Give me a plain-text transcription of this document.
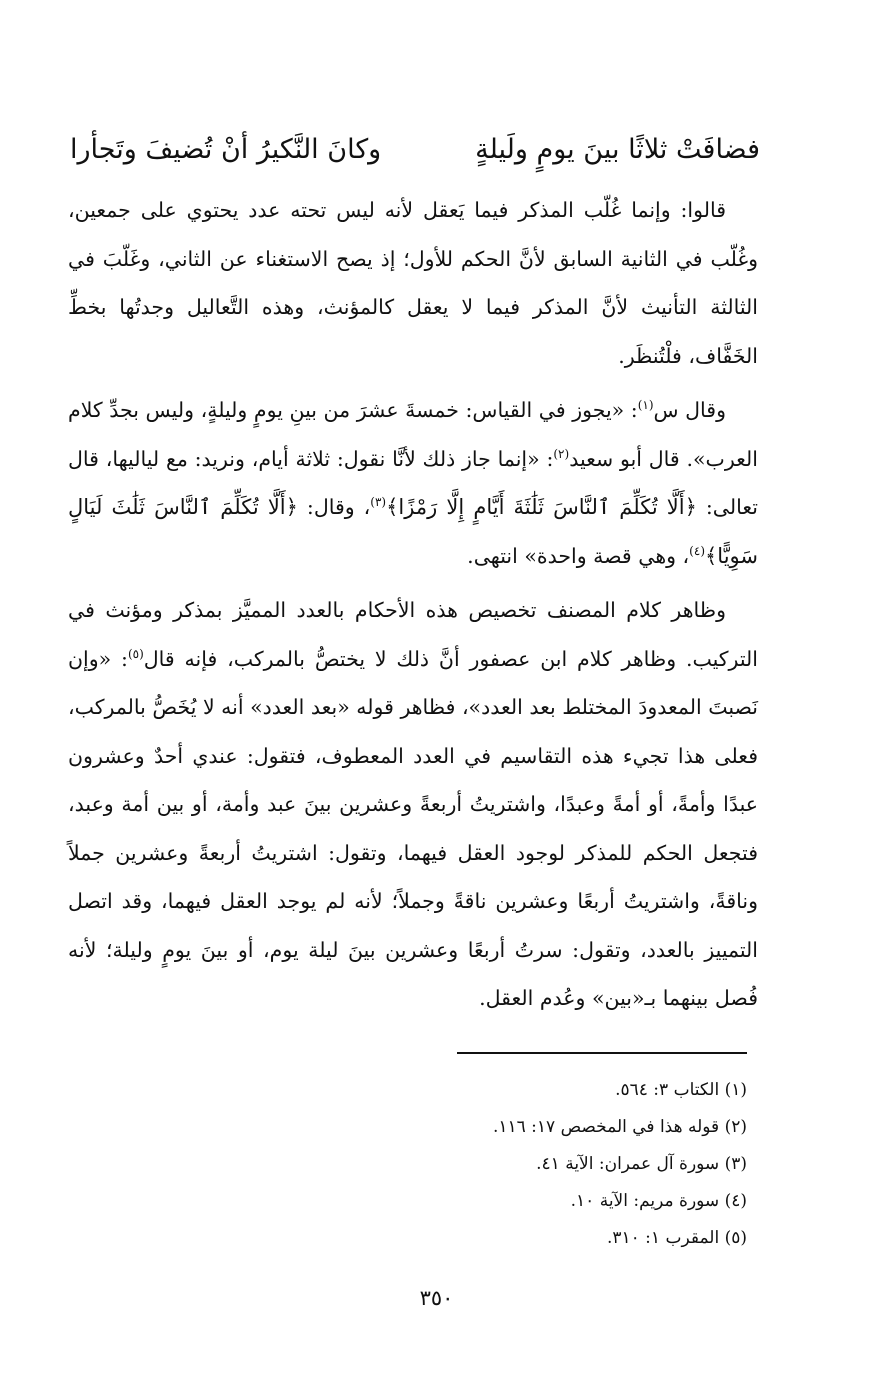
فضافَتْ ثلاثًا بينَ يومٍ ولَيلةٍ
وكانَ النَّكيرُ أنْ تُضيفَ وتَجأرا

قالوا: وإنما غُلّب المذكر فيما يَعقل لأنه ليس تحته عدد يحتوي على جمعين، وغُلّب في الثانية السابق لأنَّ الحكم للأول؛ إذ يصح الاستغناء عن الثاني، وغَلّبَ في الثالثة التأنيث لأنَّ المذكر فيما لا يعقل كالمؤنث، وهذه التَّعاليل وجدتُها بخطِّ الخَفَّاف، فلْتُنظَر.

وقال س$^{(١)}$: «يجوز في القياس: خمسةَ عشرَ من بينِ يومٍ وليلةٍ، وليس بجدِّ كلام العرب». قال أبو سعيد$^{(٢)}$: «إنما جاز ذلك لأنَّا نقول: ثلاثة أيام، ونريد: مع لياليها، قال تعالى: ﴿أَلَّا تُكَلِّمَ ٱلنَّاسَ ثَلَٰثَةَ أَيَّامٍ إِلَّا رَمْزًا﴾$^{(٣)}$، وقال: ﴿أَلَّا تُكَلِّمَ ٱلنَّاسَ ثَلَٰثَ لَيَالٍ سَوِيًّا﴾$^{(٤)}$، وهي قصة واحدة» انتهى.

وظاهر كلام المصنف تخصيص هذه الأحكام بالعدد المميَّز بمذكر ومؤنث في التركيب. وظاهر كلام ابن عصفور أنَّ ذلك لا يختصُّ بالمركب، فإنه قال$^{(٥)}$: «وإن نَصبتَ المعدودَ المختلط بعد العدد»، فظاهر قوله «بعد العدد» أنه لا يُخَصُّ بالمركب، فعلى هذا تجيء هذه التقاسيم في العدد المعطوف، فتقول: عندي أحدٌ وعشرون عبدًا وأمةً، أو أمةً وعبدًا، واشتريتُ أربعةً وعشرين بينَ عبد وأمة، أو بين أمة وعبد، فتجعل الحكم للمذكر لوجود العقل فيهما، وتقول: اشتريتُ أربعةً وعشرين جملاً وناقةً، واشتريتُ أربعًا وعشرين ناقةً وجملاً؛ لأنه لم يوجد العقل فيهما، وقد اتصل التمييز بالعدد، وتقول: سرتُ أربعًا وعشرين بينَ ليلة يوم، أو بينَ يومٍ وليلة؛ لأنه فُصل بينهما بـ«بين» وعُدم العقل.

(١) الكتاب ٣: ٥٦٤.
(٢) قوله هذا في المخصص ١٧: ١١٦.
(٣) سورة آل عمران: الآية ٤١.
(٤) سورة مريم: الآية ١٠.
(٥) المقرب ١: ٣١٠.
٣٥٠
